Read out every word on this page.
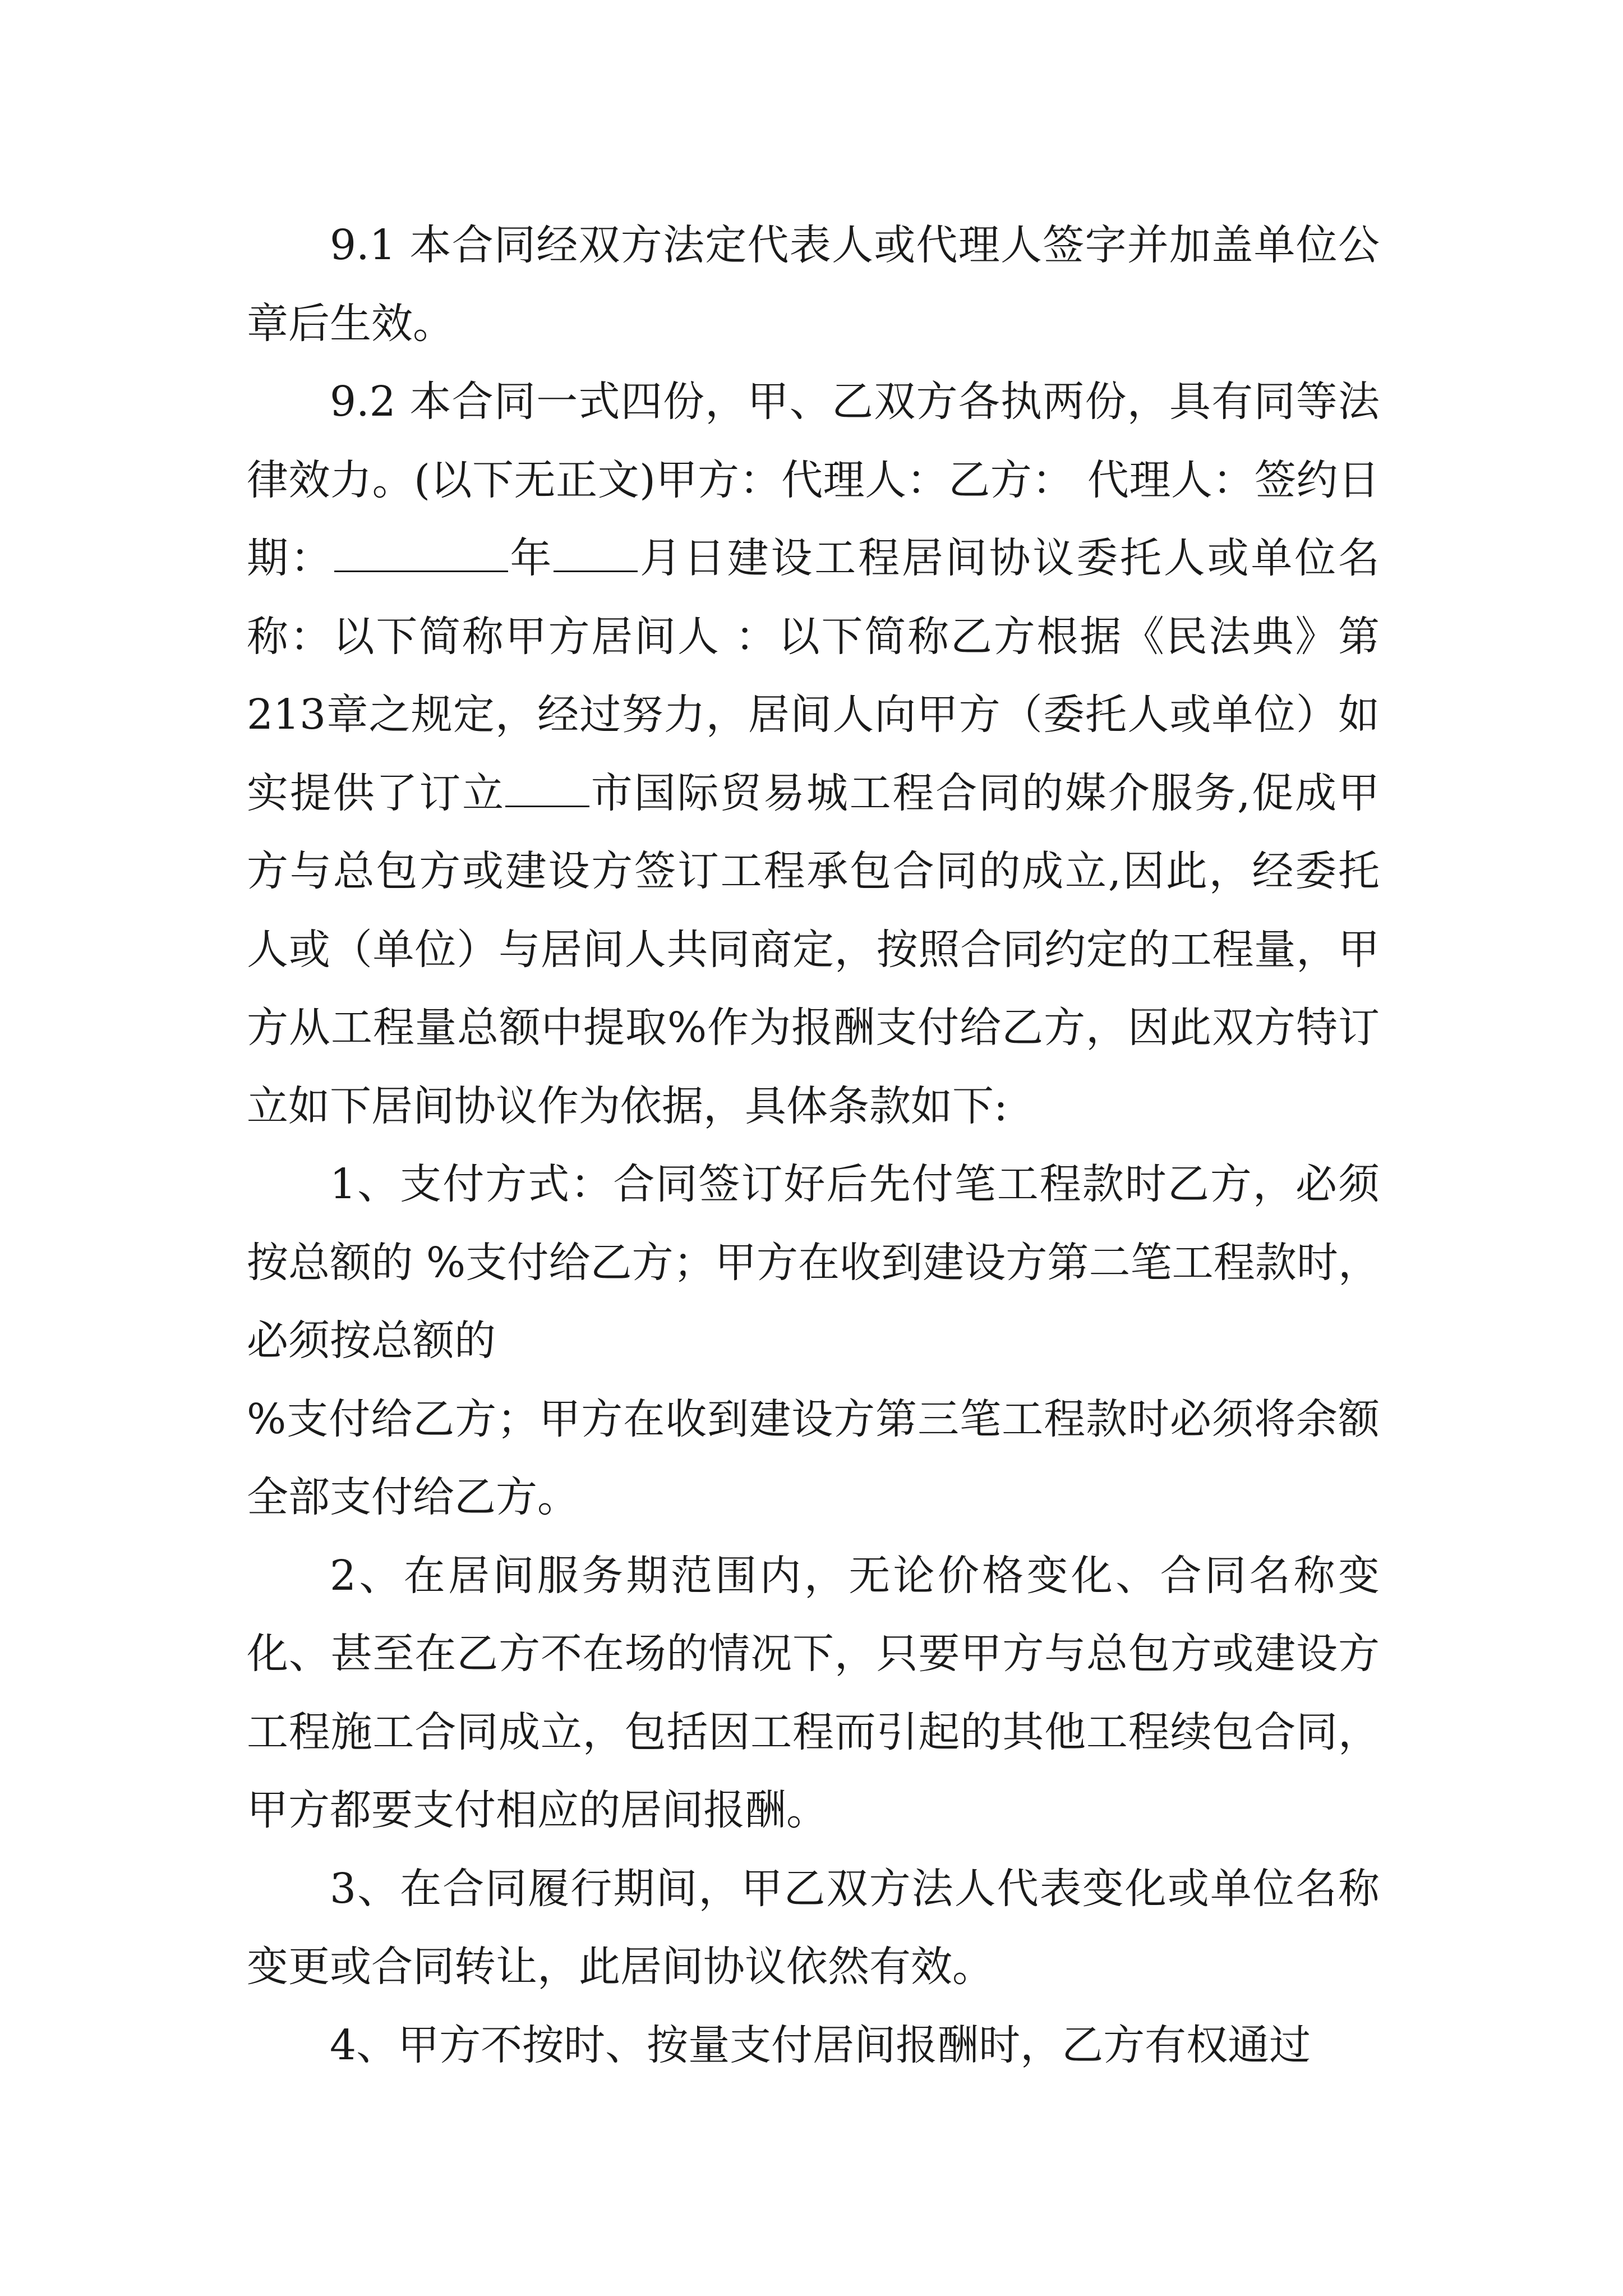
9.1 本合同经双方法定代表人或代理人签字并加盖单位公章后生效。

9.2 本合同一式四份，甲、乙双方各执两份，具有同等法律效力。(以下无正文)甲方：代理人：乙方： 代理人：签约日期：	年 月日建设工程居间协议委托人或单位名称：以下简称甲方居间人 ：以下简称乙方根据《民法典》第213章之规定，经过努力，居间人向甲方（委托人或单位）如实提供了订立 市国际贸易城工程合同的媒介服务,促成甲方与总包方或建设方签订工程承包合同的成立,因此，经委托人或（单位）与居间人共同商定，按照合同约定的工程量，甲方从工程量总额中提取%作为报酬支付给乙方，因此双方特订立如下居间协议作为依据，具体条款如下:

1、支付方式：合同签订好后先付笔工程款时乙方，必须按总额的 %支付给乙方；甲方在收到建设方第二笔工程款时，必须按总额的

%支付给乙方；甲方在收到建设方第三笔工程款时必须将余额全部支付给乙方。

2、在居间服务期范围内，无论价格变化、合同名称变化、甚至在乙方不在场的情况下，只要甲方与总包方或建设方工程施工合同成立，包括因工程而引起的其他工程续包合同，甲方都要支付相应的居间报酬。

3、在合同履行期间，甲乙双方法人代表变化或单位名称变更或合同转让，此居间协议依然有效。

4、甲方不按时、按量支付居间报酬时，乙方有权通过
